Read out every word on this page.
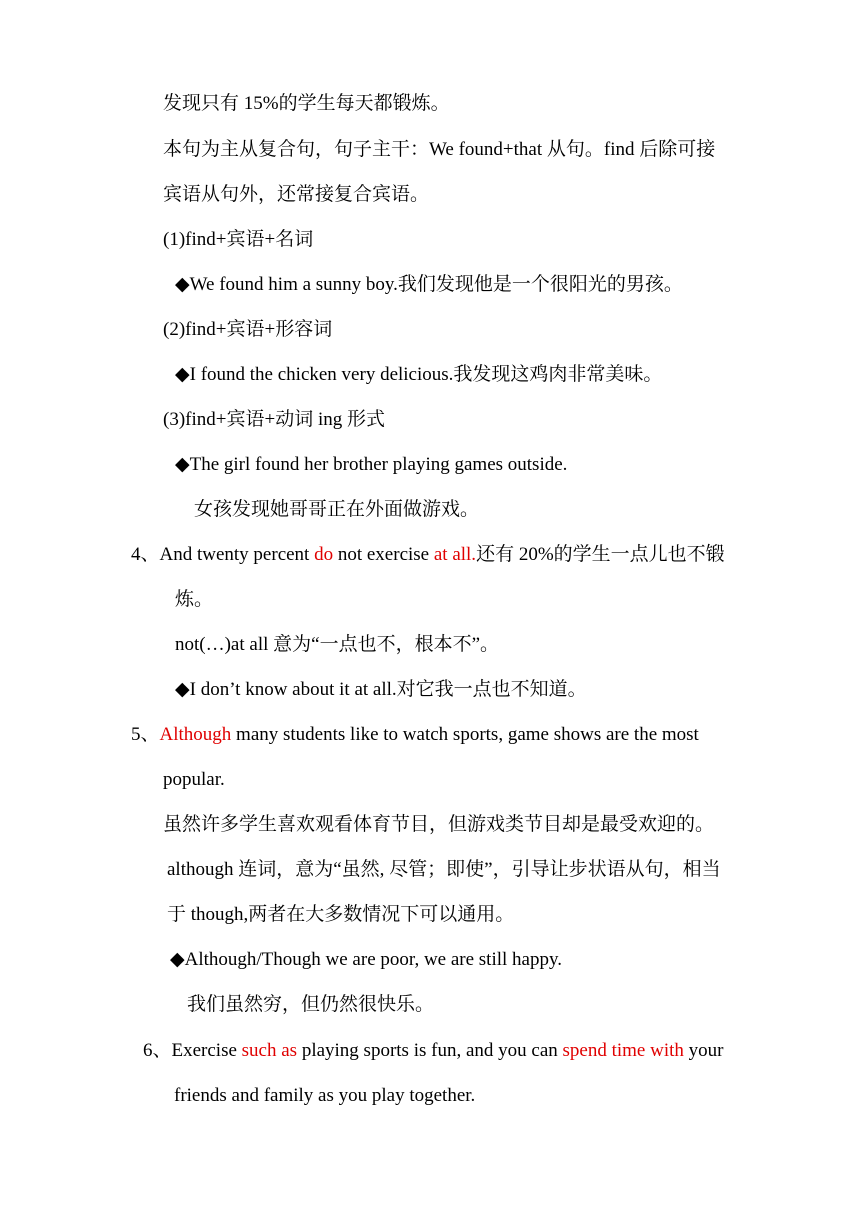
发现只有 15%的学生每天都锻炼。
本句为主从复合句，句子主干：We found+that 从句。find 后除可接
宾语从句外，还常接复合宾语。
(1)find+宾语+名词
◆We found him a sunny boy.我们发现他是一个很阳光的男孩。
(2)find+宾语+形容词
◆I found the chicken very delicious.我发现这鸡肉非常美味。
(3)find+宾语+动词 ing 形式
◆The girl found her brother playing games outside.
女孩发现她哥哥正在外面做游戏。
4、And twenty percent do not exercise at all.还有 20%的学生一点儿也不锻
炼。
not(…)at all 意为“一点也不，根本不”。
◆I don’t know about it at all.对它我一点也不知道。
5、Although many students like to watch sports, game shows are the most
popular.
虽然许多学生喜欢观看体育节目，但游戏类节目却是最受欢迎的。
although 连词，意为“虽然, 尽管；即使”，引导让步状语从句，相当
于 though,两者在大多数情况下可以通用。
◆Although/Though we are poor, we are still happy.
我们虽然穷，但仍然很快乐。
6、Exercise such as playing sports is fun, and you can spend time with your
friends and family as you play together.
